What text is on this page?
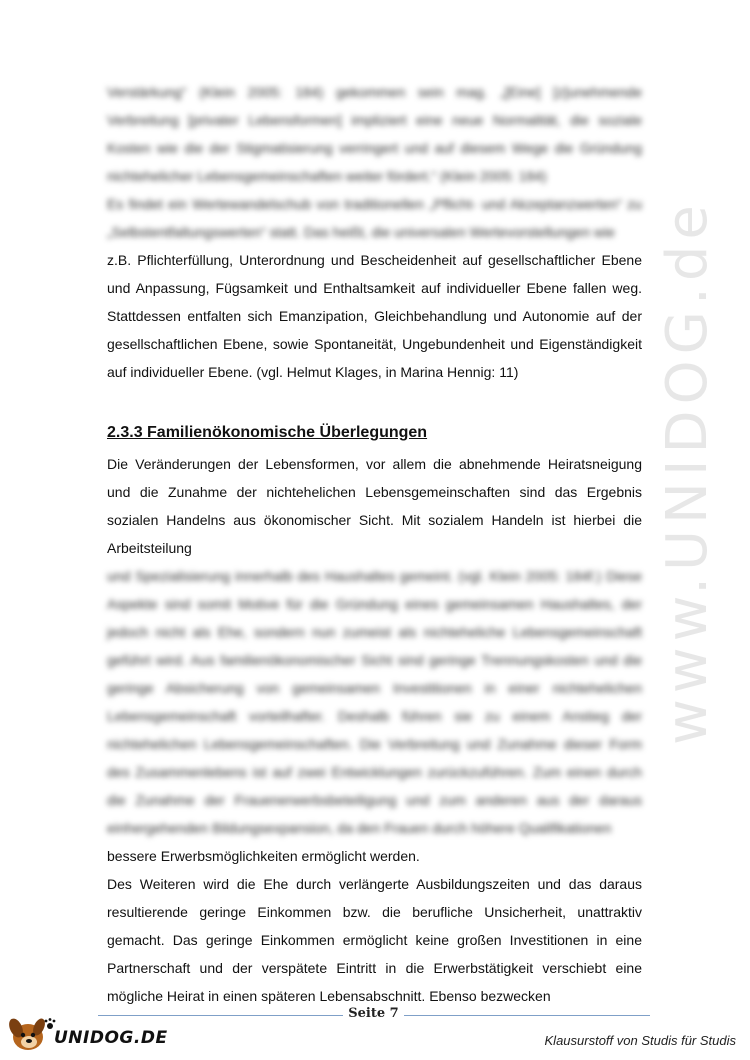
www.UNIDOG.de

Verstärkung“ (Klein 2005: 184) gekommen sein mag. „[Eine] [z]unehmende Verbreitung [privater Lebensformen] impliziert eine neue Normalität, die soziale Kosten wie die der Stigmatisierung verringert und auf diesem Wege die Gründung nichtehelicher Lebensgemeinschaften weiter fördert.“ (Klein 2005: 184)

Es findet ein Wertewandelschub von traditionellen „Pflicht- und Akzeptanzwerten“ zu „Selbstentfaltungswerten“ statt. Das heißt, die universalen Wertevorstellungen wie

z.B. Pflichterfüllung, Unterordnung und Bescheidenheit auf gesellschaftlicher Ebene und Anpassung, Fügsamkeit und Enthaltsamkeit auf individueller Ebene fallen weg. Stattdessen entfalten sich Emanzipation, Gleichbehandlung und Autonomie auf der gesellschaftlichen Ebene, sowie Spontaneität, Ungebundenheit und Eigenständigkeit auf individueller Ebene. (vgl. Helmut Klages, in Marina Hennig: 11)

2.3.3 Familienökonomische Überlegungen

Die Veränderungen der Lebensformen, vor allem die abnehmende Heiratsneigung und die Zunahme der nichtehelichen Lebensgemeinschaften sind das Ergebnis sozialen Handelns aus ökonomischer Sicht. Mit sozialem Handeln ist hierbei die Arbeitsteilung

und Spezialisierung innerhalb des Haushaltes gemeint. (vgl. Klein 2005: 184f.) Diese Aspekte sind somit Motive für die Gründung eines gemeinsamen Haushaltes, der jedoch nicht als Ehe, sondern nun zumeist als nichteheliche Lebensgemeinschaft geführt wird. Aus familienökonomischer Sicht sind geringe Trennungskosten und die geringe Absicherung von gemeinsamen Investitionen in einer nichtehelichen Lebensgemeinschaft vorteilhafter. Deshalb führen sie zu einem Anstieg der nichtehelichen Lebensgemeinschaften. Die Verbreitung und Zunahme dieser Form des Zusammenlebens ist auf zwei Entwicklungen zurückzuführen. Zum einen durch die Zunahme der Frauenerwerbsbeteiligung und zum anderen aus der daraus einhergehenden Bildungsexpansion, da den Frauen durch höhere Qualifikationen

bessere Erwerbsmöglichkeiten ermöglicht werden.

Des Weiteren wird die Ehe durch verlängerte Ausbildungszeiten und das daraus resultierende geringe Einkommen bzw. die berufliche Unsicherheit, unattraktiv gemacht. Das geringe Einkommen ermöglicht keine großen Investitionen in eine Partnerschaft und der verspätete Eintritt in die Erwerbstätigkeit verschiebt eine mögliche Heirat in einen späteren Lebensabschnitt. Ebenso bezwecken

Seite 7
UNIDOG.DE	Klausurstoff von Studis für Studis
